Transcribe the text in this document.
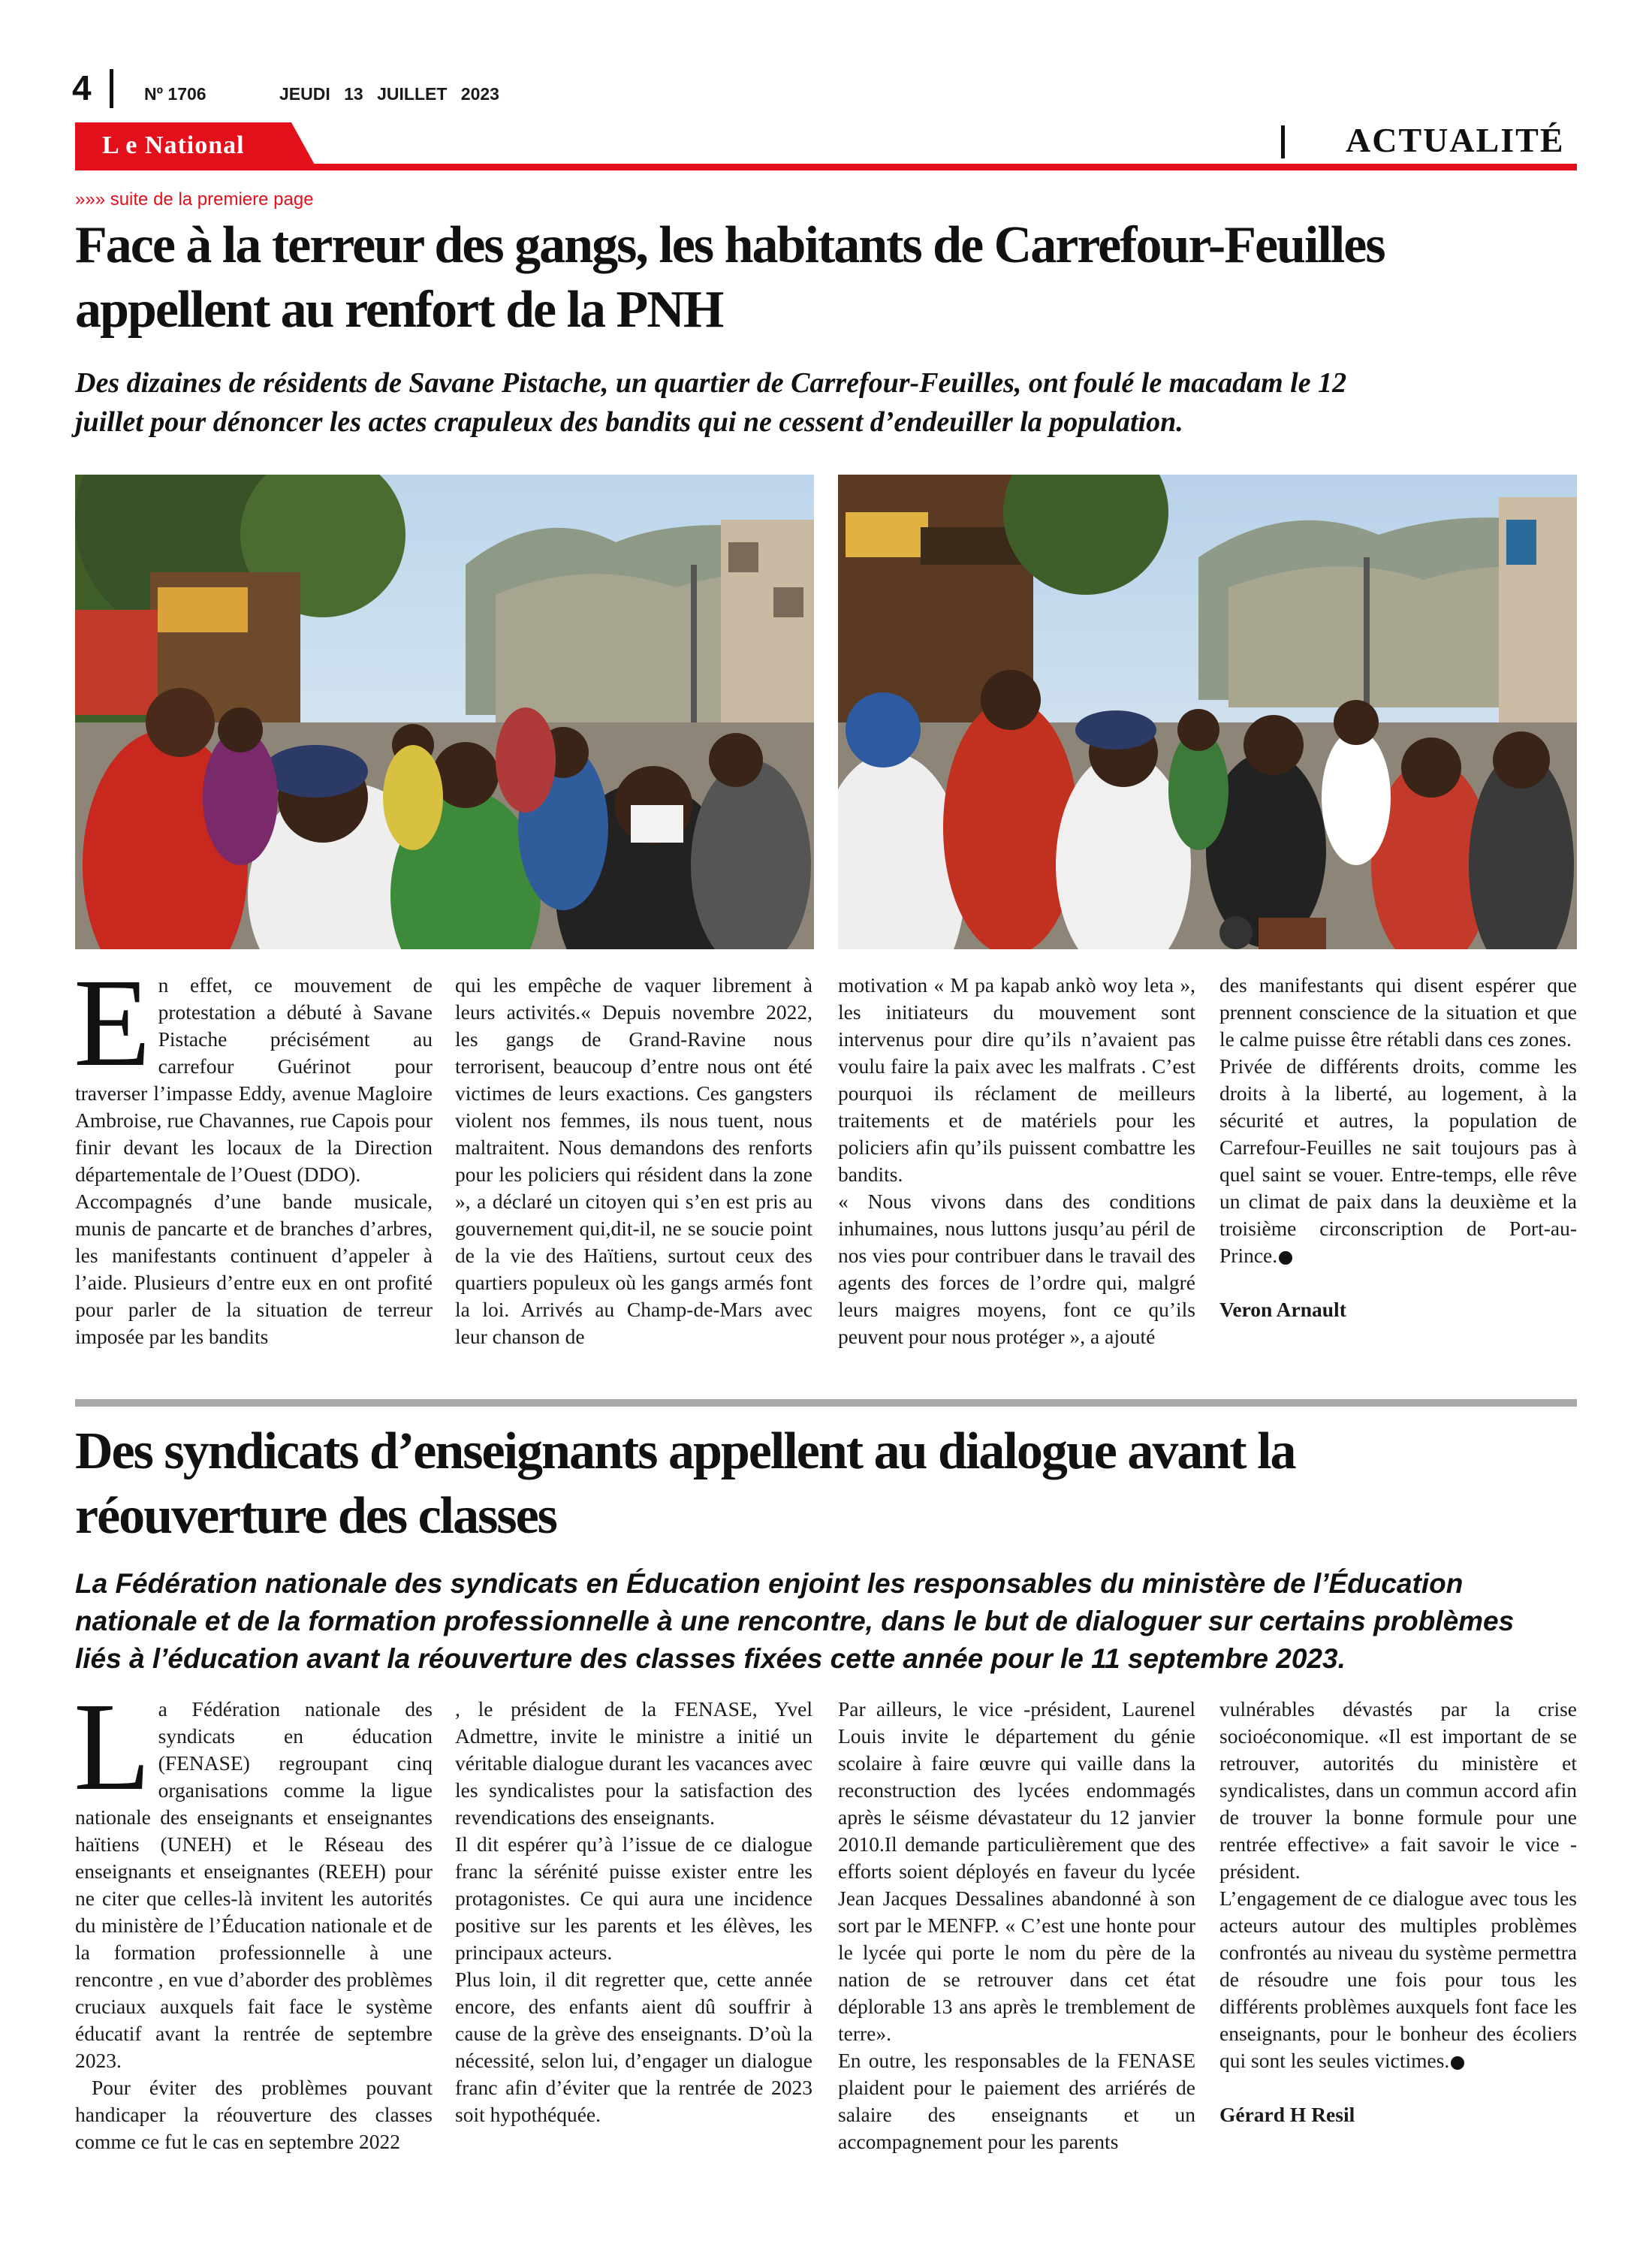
4	Nº 1706	JEUDI 13 JUILLET 2023
L e National	ACTUALITÉ
»»» suite de la premiere page
Face à la terreur des gangs, les habitants de Carrefour-Feuilles
appellent au renfort de la PNH

Des dizaines de résidents de Savane Pistache, un quartier de Carrefour-Feuilles, ont foulé le macadam le 12
juillet pour dénoncer les actes crapuleux des bandits qui ne cessent d’endeuiller la population.

En effet, ce mouvement de protestation a débuté à Savane Pistache précisément au carrefour Guérinot pour traverser l’impasse Eddy, avenue Magloire Ambroise, rue Chavannes, rue Capois pour finir devant les locaux de la Direction départementale de l’Ouest (DDO).

Accompagnés d’une bande musicale, munis de pancarte et de branches d’arbres, les manifestants continuent d’appeler à l’aide. Plusieurs d’entre eux en ont profité pour parler de la situation de terreur imposée par les bandits

qui les empêche de vaquer librement à leurs activités.« Depuis novembre 2022, les gangs de Grand-Ravine nous terrorisent, beaucoup d’entre nous ont été victimes de leurs exactions. Ces gangsters violent nos femmes, ils nous tuent, nous maltraitent. Nous demandons des renforts pour les policiers qui résident dans la zone », a déclaré un citoyen qui s’en est pris au gouvernement qui,dit-il, ne se soucie point de la vie des Haïtiens, surtout ceux des quartiers populeux où les gangs armés font la loi. Arrivés au Champ-de-Mars avec leur chanson de

motivation « M pa kapab ankò woy leta », les initiateurs du mouvement sont intervenus pour dire qu’ils n’avaient pas voulu faire la paix avec les malfrats . C’est pourquoi ils réclament de meilleurs traitements et de matériels pour les policiers afin qu’ils puissent combattre les bandits.

« Nous vivons dans des conditions inhumaines, nous luttons jusqu’au péril de nos vies pour contribuer dans le travail des agents des forces de l’ordre qui, malgré leurs maigres moyens, font ce qu’ils peuvent pour nous protéger », a ajouté

des manifestants qui disent espérer que prennent conscience de la situation et que le calme puisse être rétabli dans ces zones.

Privée de différents droits, comme les droits à la liberté, au logement, à la sécurité et autres, la population de Carrefour-Feuilles ne sait toujours pas à quel saint se vouer. Entre-temps, elle rêve un climat de paix dans la deuxième et la troisième circonscription de Port-au-Prince.

Veron Arnault

Des syndicats d’enseignants appellent au dialogue avant la
réouverture des classes

La Fédération nationale des syndicats en Éducation enjoint les responsables du ministère de l’Éducation
nationale et de la formation professionnelle à une rencontre, dans le but de dialoguer sur certains problèmes
liés à l’éducation avant la réouverture des classes fixées cette année pour le 11 septembre 2023.

La Fédération nationale des syndicats en éducation (FENASE) regroupant cinq organisations comme la ligue nationale des enseignants et enseignantes haïtiens (UNEH) et le Réseau des enseignants et enseignantes (REEH) pour ne citer que celles-là invitent les autorités du ministère de l’Éducation nationale et de la formation professionnelle à une rencontre , en vue d’aborder des problèmes cruciaux auxquels fait face le système éducatif avant la rentrée de septembre 2023.

Pour éviter des problèmes pouvant handicaper la réouverture des classes comme ce fut le cas en septembre 2022

, le président de la FENASE, Yvel Admettre, invite le ministre a initié un véritable dialogue durant les vacances avec les syndicalistes pour la satisfaction des revendications des enseignants.

Il dit espérer qu’à l’issue de ce dialogue franc la sérénité puisse exister entre les protagonistes. Ce qui aura une incidence positive sur les parents et les élèves, les principaux acteurs.

Plus loin, il dit regretter que, cette année encore, des enfants aient dû souffrir à cause de la grève des enseignants. D’où la nécessité, selon lui, d’engager un dialogue franc afin d’éviter que la rentrée de 2023 soit hypothéquée.

Par ailleurs, le vice -président, Laurenel Louis invite le département du génie scolaire à faire œuvre qui vaille dans la reconstruction des lycées endommagés après le séisme dévastateur du 12 janvier 2010.Il demande particulièrement que des efforts soient déployés en faveur du lycée Jean Jacques Dessalines abandonné à son sort par le MENFP. « C’est une honte pour le lycée qui porte le nom du père de la nation de se retrouver dans cet état déplorable 13 ans après le tremblement de terre».

En outre, les responsables de la FENASE plaident pour le paiement des arriérés de salaire des enseignants et un accompagnement pour les parents

vulnérables dévastés par la crise socioéconomique. «Il est important de se retrouver, autorités du ministère et syndicalistes, dans un commun accord afin de trouver la bonne formule pour une rentrée effective» a fait savoir le vice -président.

L’engagement de ce dialogue avec tous les acteurs autour des multiples problèmes confrontés au niveau du système permettra de résoudre une fois pour tous les différents problèmes auxquels font face les enseignants, pour le bonheur des écoliers qui sont les seules victimes.

Gérard H Resil
